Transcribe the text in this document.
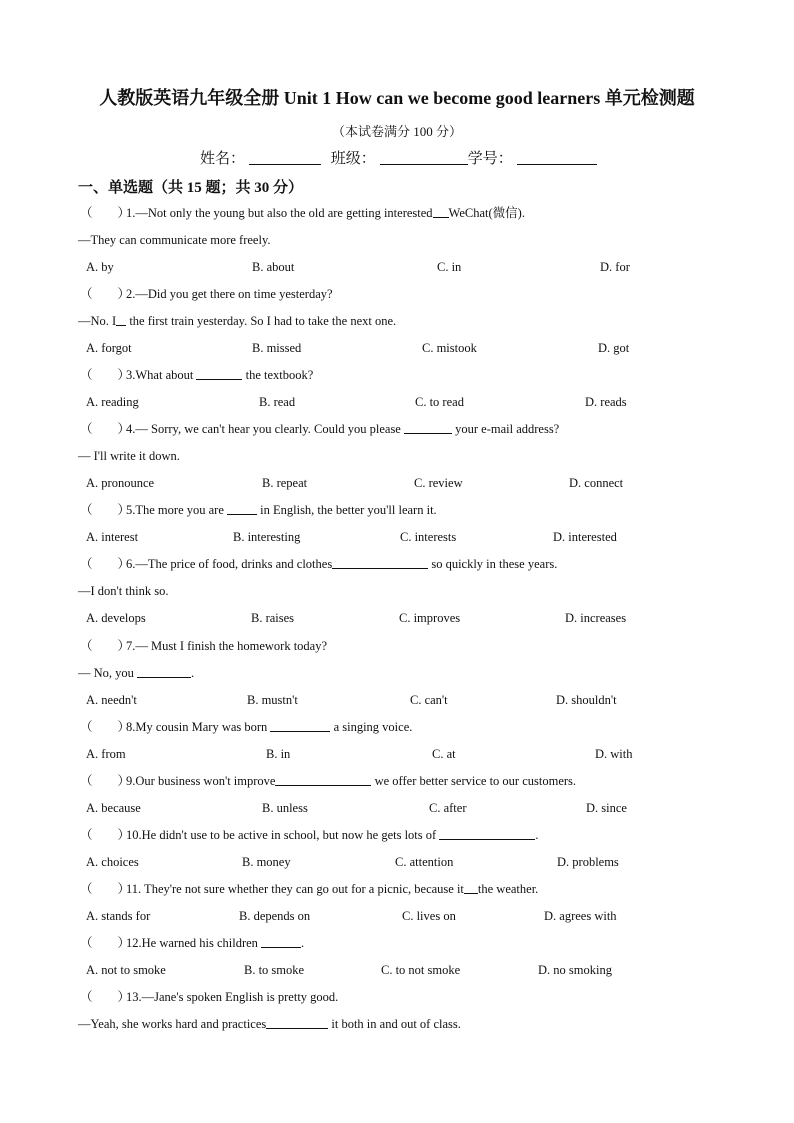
人教版英语九年级全册 Unit 1 How can we become good learners 单元检测题
（本试卷满分 100 分）
姓名：	班级：	学号：
一、单选题（共 15 题；共 30 分）
（　　）1.—Not only the young but also the old are getting interested WeChat(微信).
—They can communicate more freely.
A. by	B. about	C. in	D. for
（　　）2.—Did you get there on time yesterday?
—No. I the first train yesterday. So I had to take the next one.
A. forgot	B. missed	C. mistook	D. got
（　　）3.What about	the textbook?
A. reading	B. read	C. to read	D. reads
（　　）4.— Sorry, we can't hear you clearly. Could you please	your e-mail address?
— I'll write it down.
A. pronounce	B. repeat	C. review	D. connect
（　　）5.The more you are	in English, the better you'll learn it.
A. interest	B. interesting	C. interests	D. interested
（　　）6.—The price of food, drinks and clothes	so quickly in these years.
—I don't think so.
A. develops	B. raises	C. improves	D. increases
（　　）7.— Must I finish the homework today?
— No, you	.
A. needn't	B. mustn't	C. can't	D. shouldn't
（　　）8.My cousin Mary was born	a singing voice.
A. from	B. in	C. at	D. with
（　　）9.Our business won't improve	we offer better service to our customers.
A. because	B. unless	C. after	D. since
（　　）10.He didn't use to be active in school, but now he gets lots of	.
A. choices	B. money	C. attention	D. problems
（　　）11. They're not sure whether they can go out for a picnic, because it the weather.
A. stands for	B. depends on	C. lives on	D. agrees with
（　　）12.He warned his children	.
A. not to smoke	B. to smoke	C. to not smoke	D. no smoking
（　　）13.—Jane's spoken English is pretty good.
—Yeah, she works hard and practices	it both in and out of class.
